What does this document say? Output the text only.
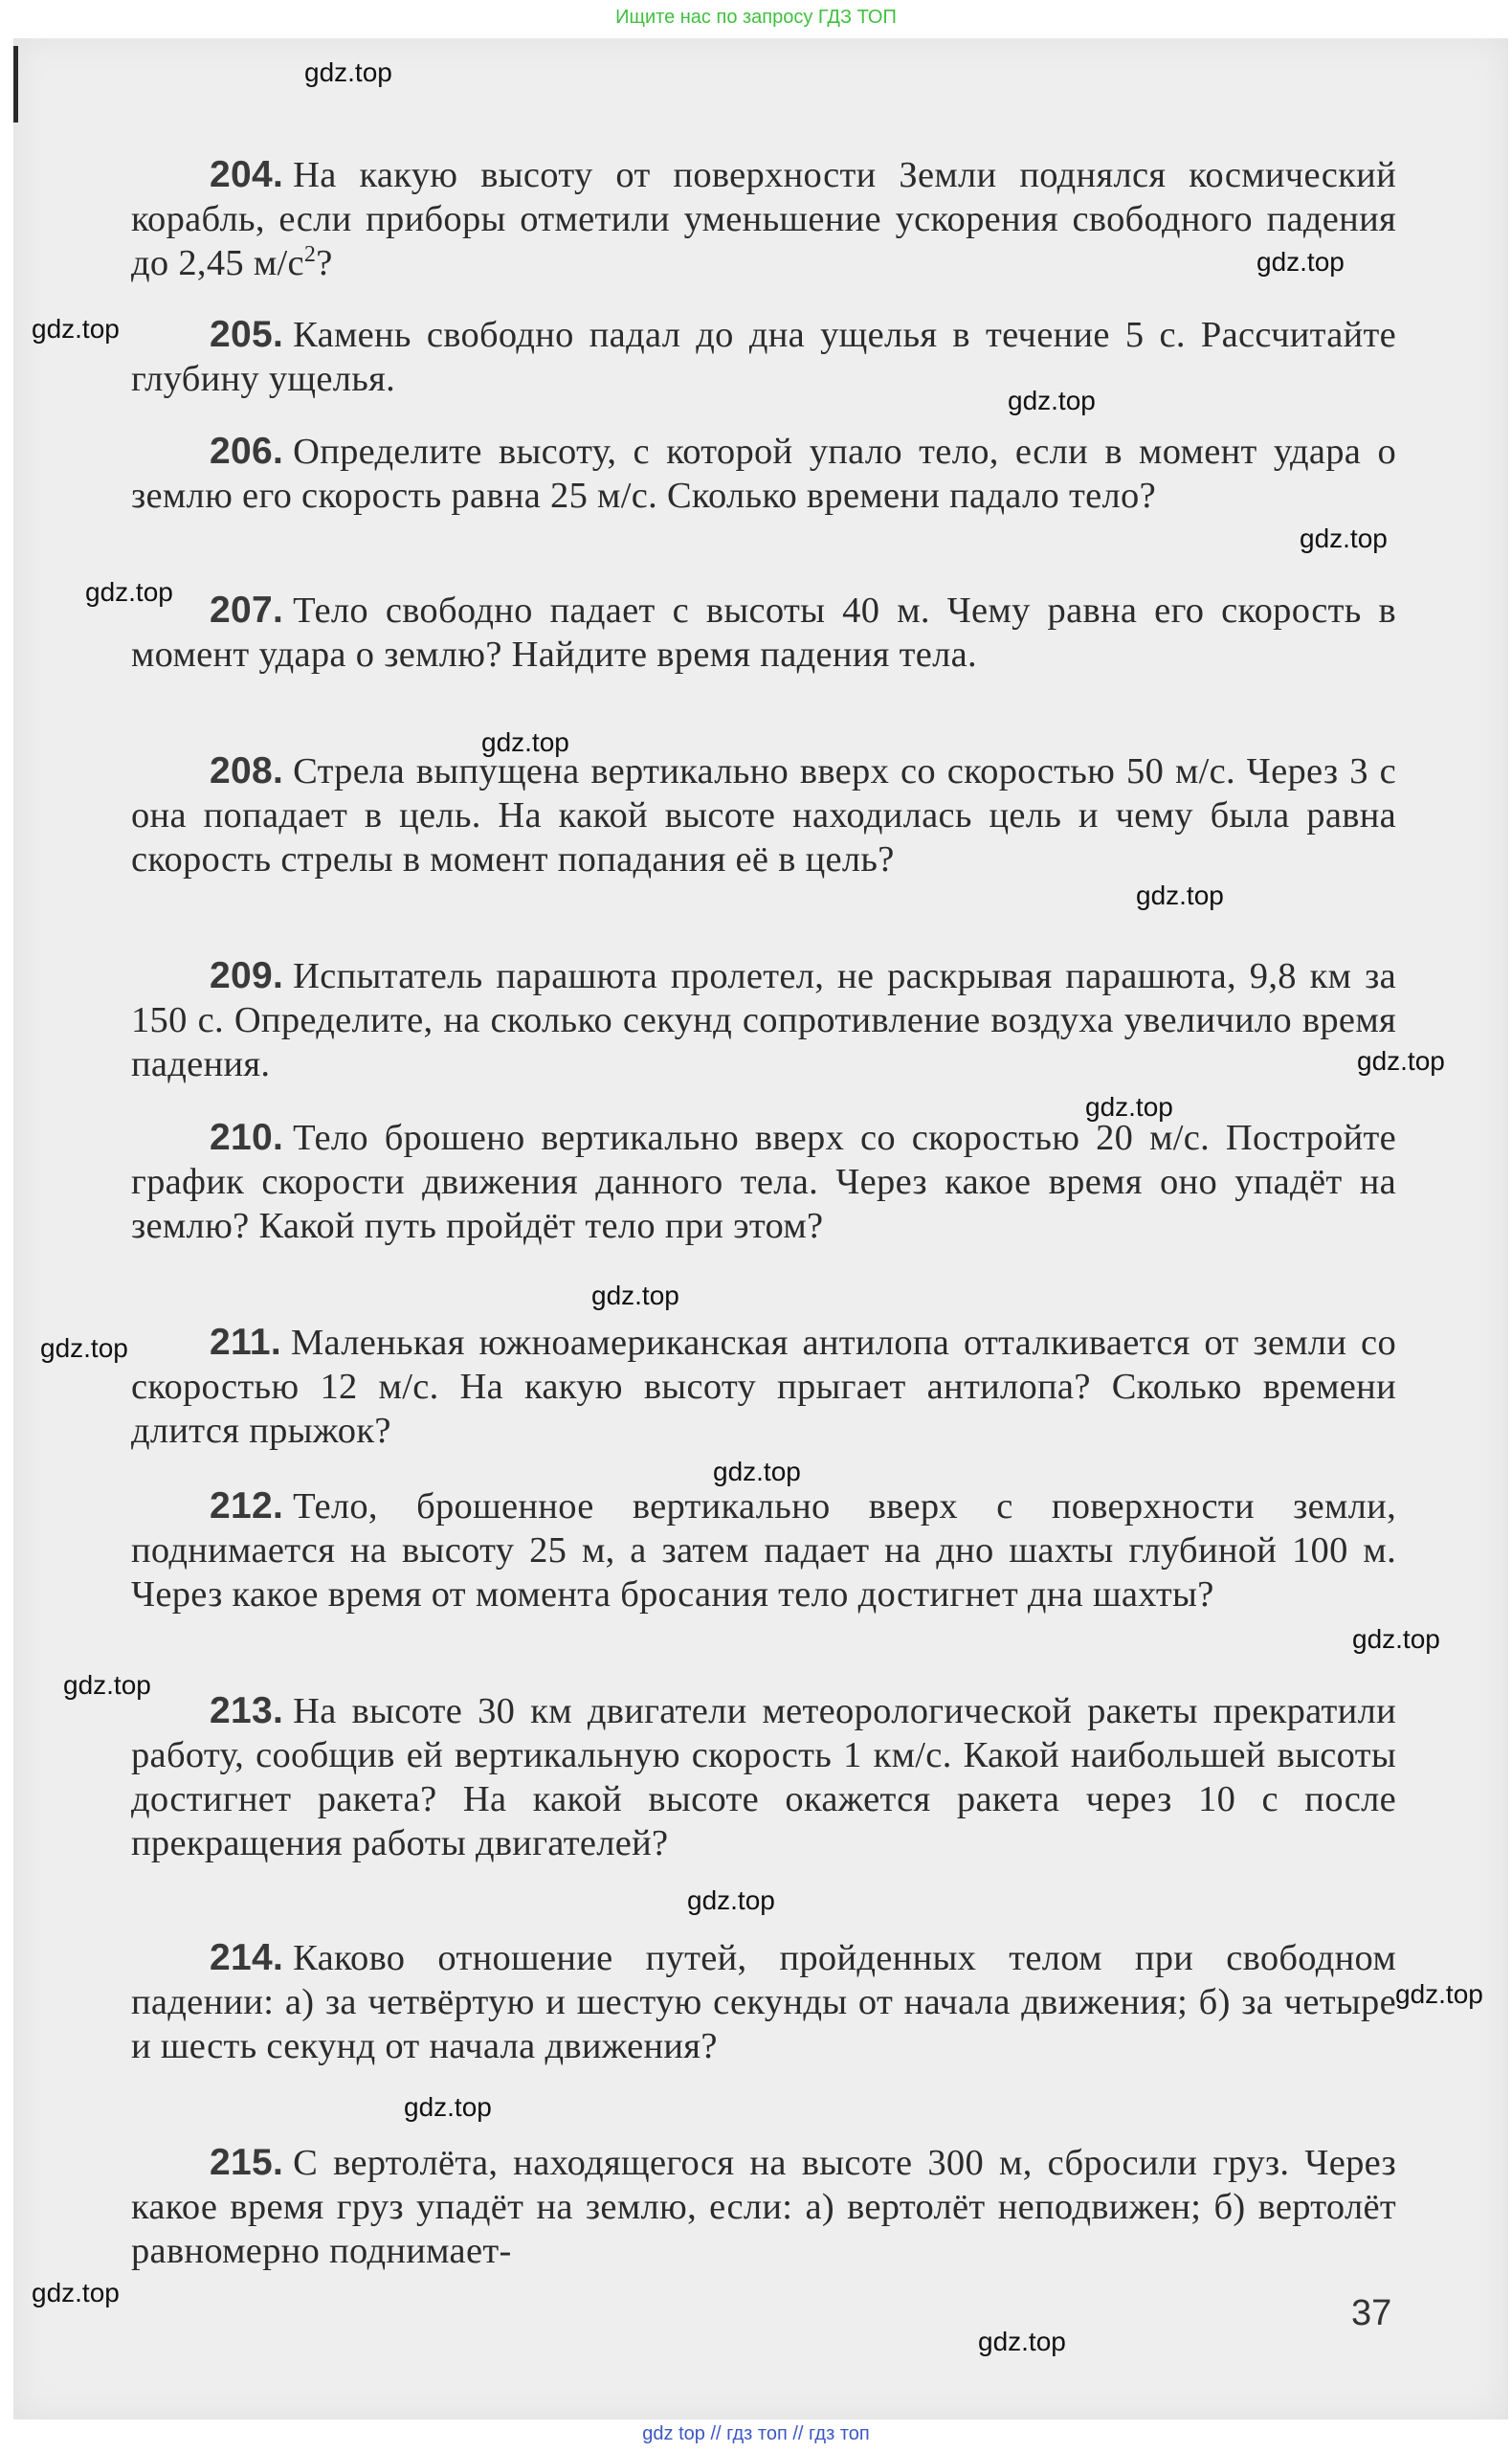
Ищите нас по запросу ГДЗ ТОП
204. На какую высоту от поверхности Земли поднялся космический корабль, если приборы отметили уменьшение ускорения свободного падения до 2,45 $м/с^2$?
205. Камень свободно падал до дна ущелья в течение 5 с. Рассчитайте глубину ущелья.
206. Определите высоту, с которой упало тело, если в момент удара о землю его скорость равна 25 м/с. Сколько времени падало тело?
207. Тело свободно падает с высоты 40 м. Чему равна его скорость в момент удара о землю? Найдите время падения тела.
208. Стрела выпущена вертикально вверх со скоростью 50 м/с. Через 3 с она попадает в цель. На какой высоте находилась цель и чему была равна скорость стрелы в момент попадания её в цель?
209. Испытатель парашюта пролетел, не раскрывая парашюта, 9,8 км за 150 с. Определите, на сколько секунд сопротивление воздуха увеличило время падения.
210. Тело брошено вертикально вверх со скоростью 20 м/с. Постройте график скорости движения данного тела. Через какое время оно упадёт на землю? Какой путь пройдёт тело при этом?
211. Маленькая южноамериканская антилопа отталкивается от земли со скоростью 12 м/с. На какую высоту прыгает антилопа? Сколько времени длится прыжок?
212. Тело, брошенное вертикально вверх с поверхности земли, поднимается на высоту 25 м, а затем падает на дно шахты глубиной 100 м. Через какое время от момента бросания тело достигнет дна шахты?
213. На высоте 30 км двигатели метеорологической ракеты прекратили работу, сообщив ей вертикальную скорость 1 км/с. Какой наибольшей высоты достигнет ракета? На какой высоте окажется ракета через 10 с после прекращения работы двигателей?
214. Каково отношение путей, пройденных телом при свободном падении: а) за четвёртую и шестую секунды от начала движения; б) за четыре и шесть секунд от начала движения?
215. С вертолёта, находящегося на высоте 300 м, сбросили груз. Через какое время груз упадёт на землю, если: а) вертолёт неподвижен; б) вертолёт равномерно поднимает-
37
gdz.top
gdz.top
gdz.top
gdz.top
gdz.top
gdz.top
gdz.top
gdz.top
gdz.top
gdz.top
gdz.top
gdz.top
gdz.top
gdz.top
gdz.top
gdz.top
gdz.top
gdz.top
gdz.top
gdz.top
gdz top // гдз топ // гдз топ
